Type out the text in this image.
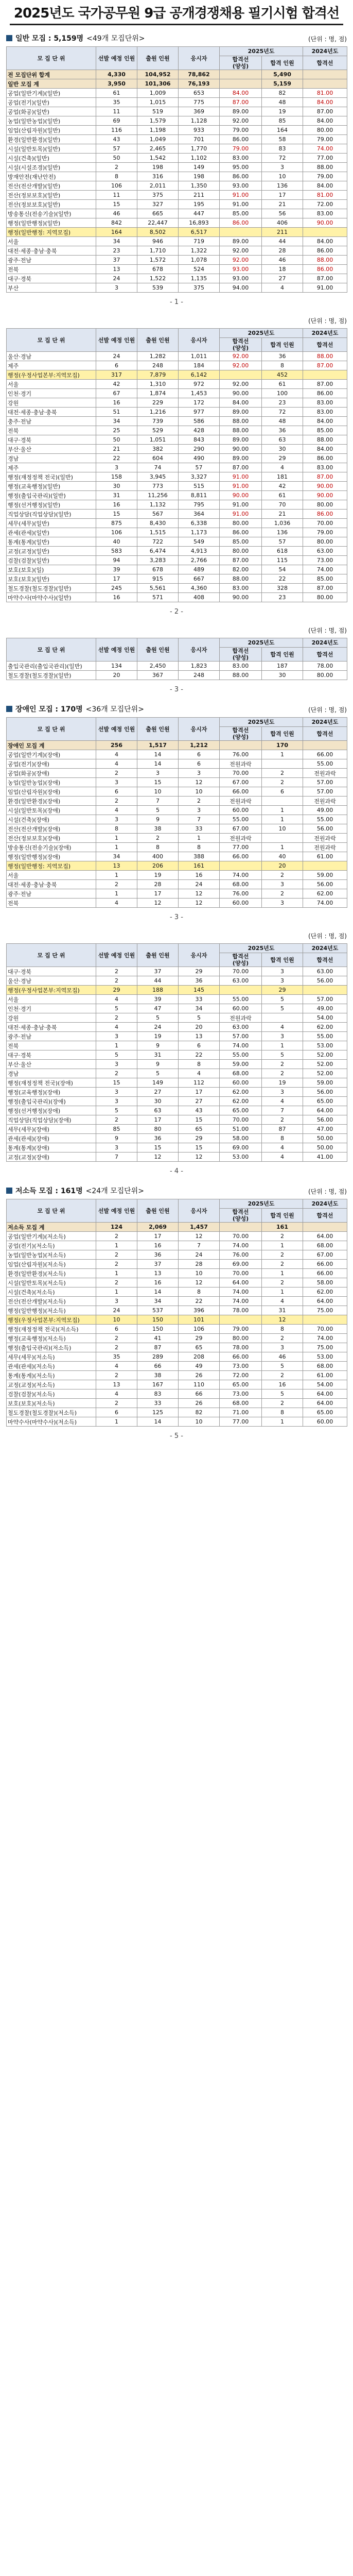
2025년도 국가공무원 9급 공개경쟁채용 필기시험 합격선
일반 모집 : 5,159명 <49개 모집단위>	(단위 : 명, 점)
모 집 단 위	선발 예정 인원	출원 인원	응시자	2025년도		2024년도

				합격선
(양성)	합격 인원	합격선
전 모집단위 합계	4,330	104,952	78,862		5,490	
일반 모집 계	3,950	101,306	76,193		5,159	
공업(일반기계)(일반)	61	1,009	653	84.00	82	81.00
공업(전기)(일반)	35	1,015	775	87.00	48	84.00
공업(화공)(일반)	11	519	369	89.00	19	87.00
농업(일반농업)(일반)	69	1,579	1,128	92.00	85	84.00
임업(산림자원)(일반)	116	1,198	933	79.00	164	80.00
환경(일반환경)(일반)	43	1,049	701	86.00	58	79.00
시설(일반토목)(일반)	57	2,465	1,770	79.00	83	74.00
시설(건축)(일반)	50	1,542	1,102	83.00	72	77.00
시설(시설조경)(일반)	2	198	149	95.00	3	88.00
방재안전(재난안전)	8	316	198	86.00	10	79.00
전산(전산개발)(일반)	106	2,011	1,350	93.00	136	84.00
전산(정보보호)(일반)	11	375	211	91.00	17	81.00
전산(정보보호)(일반)	15	327	195	91.00	21	72.00
방송통신(전송기술)(일반)	46	665	447	85.00	56	83.00
행정(일반행정)(일반)	842	22,447	16,893	86.00	406	90.00
행정(일반행정: 지역모집)	164	8,502	6,517		211	
서울	34	946	719	89.00	44	84.00
대전·세종·충남·충북	23	1,710	1,322	92.00	28	86.00
광주·전남	37	1,572	1,078	92.00	46	88.00
전북	13	678	524	93.00	18	86.00
대구·경북	24	1,522	1,135	93.00	27	87.00
부산	3	539	375	94.00	4	91.00
- 1 -
(단위 : 명, 점)
모 집 단 위	선발 예정 인원	출원 인원	응시자	2025년도		2024년도

				합격선
(양성)	합격 인원	합격선
울산·경남	24	1,282	1,011	92.00	36	88.00
제주	6	248	184	92.00	8	87.00
행정(우정사업본부:지역모집)	317	7,879	6,142		452	
서울	42	1,310	972	92.00	61	87.00
인천·경기	67	1,874	1,453	90.00	100	86.00
강원	16	229	172	84.00	23	83.00
대전·세종·충남·충북	51	1,216	977	89.00	72	83.00
충주·전남	34	739	586	88.00	48	84.00
전북	25	529	428	88.00	36	85.00
대구·경북	50	1,051	843	89.00	63	88.00
부산·울산	21	382	290	90.00	30	84.00
경남	22	604	490	89.00	29	86.00
제주	3	74	57	87.00	4	83.00
행정(재정정책 전국)(일반)	158	3,945	3,327	91.00	181	87.00
행정(교육행정)(일반)	30	773	515	91.00	42	90.00
행정(출입국관리)(일반)	31	11,256	8,811	90.00	61	90.00
행정(선거행정)(일반)	16	1,132	795	91.00	70	80.00
직업상담(직업상담)(일반)	15	567	364	91.00	21	86.00
세무(세무)(일반)	875	8,430	6,338	80.00	1,036	70.00
관세(관세)(일반)	106	1,515	1,173	86.00	136	79.00
통계(통계)(일반)	40	722	549	85.00	57	80.00
교정(교정)(일반)	583	6,474	4,913	80.00	618	63.00
검찰(검찰)(일반)	94	3,283	2,766	87.00	115	73.00
보호(보호)(일)	39	678	489	82.00	54	74.00
보호(보호)(일반)	17	915	667	88.00	22	85.00
철도경찰(철도경찰)(일반)	245	5,561	4,360	83.00	328	87.00
마약수사(마약수사)(일반)	16	571	408	90.00	23	80.00
- 2 -
(단위 : 명, 점)
모 집 단 위	선발 예정 인원	출원 인원	응시자	2025년도		2024년도

				합격선
(양성)	합격 인원	합격선
출입국관리(출입국관리)(일반)	134	2,450	1,823	83.00	187	78.00
철도경찰(철도경찰)(일반)	20	367	248	88.00	30	80.00
- 3 -
장애인 모집 : 170명 <36개 모집단위>	(단위 : 명, 점)
모 집 단 위	선발 예정 인원	출원 인원	응시자	2025년도		2024년도

				합격선
(양성)	합격 인원	합격선
장애인 모집 계	256	1,517	1,212		170	
공업(일반기계)(장애)	4	14	6	76.00	1	66.00
공업(전기)(장애)	4	14	6	전원과락		55.00
공업(화공)(장애)	2	3	3	70.00	2	전원과락
농업(일반농업)(장애)	3	15	12	67.00	2	57.00
임업(산림자원)(장애)	6	10	10	66.00	6	57.00
환경(일반환경)(장애)	2	7	2	전원과락		전원과락
시설(일반토목)(장애)	4	5	3	60.00	1	49.00
시설(건축)(장애)	3	9	7	55.00	1	55.00
전산(전산개발)(장애)	8	38	33	67.00	10	56.00
전산(정보보호)(장애)	1	2	1	전원과락		전원과락
방송통신(전송기술)(장애)	1	8	8	77.00	1	전원과락
행정(일반행정)(장애)	34	400	388	66.00	40	61.00
행정(일반행정: 지역모집)	13	206	161		20	
서울	1	19	16	74.00	2	59.00
대전·세종·충남·충북	2	28	24	68.00	3	56.00
광주·전남	1	17	12	76.00	2	62.00
전북	4	12	12	60.00	3	74.00
- 3 -
(단위 : 명, 점)
모 집 단 위	선발 예정 인원	출원 인원	응시자	2025년도		2024년도

				합격선
(양성)	합격 인원	합격선
대구·경북	2	37	29	70.00	3	63.00
울산·경남	2	44	36	63.00	3	56.00
행정(우정사업본부:지역모집)	29	188	145		29	
서울	4	39	33	55.00	5	57.00
인천·경기	5	47	34	60.00	5	49.00
강원	2	5	5	전원과락		54.00
대전·세종·충남·충북	4	24	20	63.00	4	62.00
광주·전남	3	19	13	57.00	3	55.00
전북	1	9	6	74.00	1	53.00
대구·경북	5	31	22	55.00	5	52.00
부산·울산	3	9	8	59.00	2	52.00
경남	2	5	4	68.00	2	52.00
행정(재정정책 전국)(장애)	15	149	112	60.00	19	59.00
행정(교육행정)(장애)	3	27	17	62.00	3	56.00
행정(출입국관리)(장애)	3	30	27	62.00	4	65.00
행정(선거행정)(장애)	5	63	43	65.00	7	64.00
직업상담(직업상담)(장애)	2	17	15	70.00	2	56.00
세무(세무)(장애)	85	80	65	51.00	87	47.00
관세(관세)(장애)	9	36	29	58.00	8	50.00
통계(통계)(장애)	3	15	15	69.00	4	50.00
교정(교정)(장애)	7	12	12	53.00	4	41.00
- 4 -
저소득 모집 : 161명 <24개 모집단위>	(단위 : 명, 점)
모 집 단 위	선발 예정 인원	출원 인원	응시자	2025년도		2024년도

				합격선
(양성)	합격 인원	합격선
저소득 모집 계	124	2,069	1,457		161	
공업(일반기계)(저소득)	2	17	12	70.00	2	64.00
공업(전기)(저소득)	1	16	7	74.00	1	68.00
농업(일반농업)(저소득)	2	36	24	76.00	2	67.00
임업(산림자원)(저소득)	2	37	28	69.00	2	66.00
환경(일반환경)(저소득)	1	13	10	70.00	1	66.00
시설(일반토목)(저소득)	2	16	12	64.00	2	58.00
시설(건축)(저소득)	1	14	8	74.00	1	62.00
전산(전산개발)(저소득)	3	34	22	74.00	4	64.00
행정(일반행정)(저소득)	24	537	396	78.00	31	75.00
행정(우정사업본부:지역모집)	10	150	101		12	
행정(재정정책 전국)(저소득)	6	150	106	79.00	8	70.00
행정(교육행정)(저소득)	2	41	29	80.00	2	74.00
행정(출입국관리)(저소득)	2	87	65	78.00	3	75.00
세무(세무)(저소득)	35	289	208	66.00	46	53.00
관세(관세)(저소득)	4	66	49	73.00	5	68.00
통계(통계)(저소득)	2	38	26	72.00	2	61.00
교정(교정)(저소득)	13	167	110	65.00	16	54.00
검찰(검찰)(저소득)	4	83	66	73.00	5	64.00
보호(보호)(저소득)	2	33	26	68.00	2	64.00
철도경찰(철도경찰)(저소득)	6	125	82	71.00	8	65.00
마약수사(마약수사)(저소득)	1	14	10	77.00	1	60.00
- 5 -
